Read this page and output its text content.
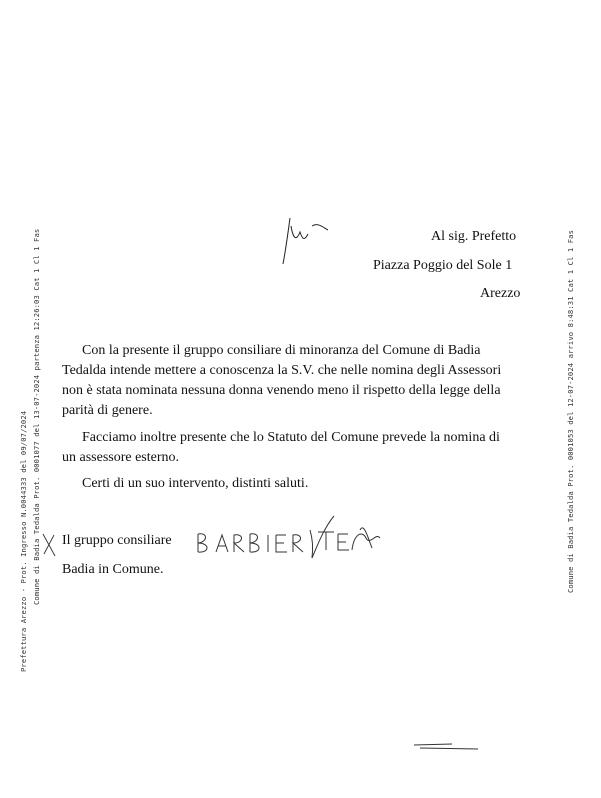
Comune di Badia Tedalda Prot. 0001077 del 13-07-2024 partenza 12:26:03 Cat 1 Cl 1 Fas
Prefettura Arezzo - Prot. Ingresso N.0044333 del 09/07/2024	Comune di Badia Tedalda Prot. 0001053 del 12-07-2024 arrivo 8:48:31 Cat 1 Cl 1 Fas
Al sig. Prefetto
Piazza Poggio del Sole 1
Arezzo
Con la presente il gruppo consiliare di minoranza del Comune di Badia Tedalda intende mettere a conoscenza la S.V. che nelle nomina degli Assessori non è stata nominata nessuna donna venendo meno il rispetto della legge della parità di genere.
Facciamo inoltre presente che lo Statuto del Comune prevede la nomina di un assessore esterno.
Certi di un suo intervento, distinti saluti.
Il gruppo consiliare
Badia in Comune.
